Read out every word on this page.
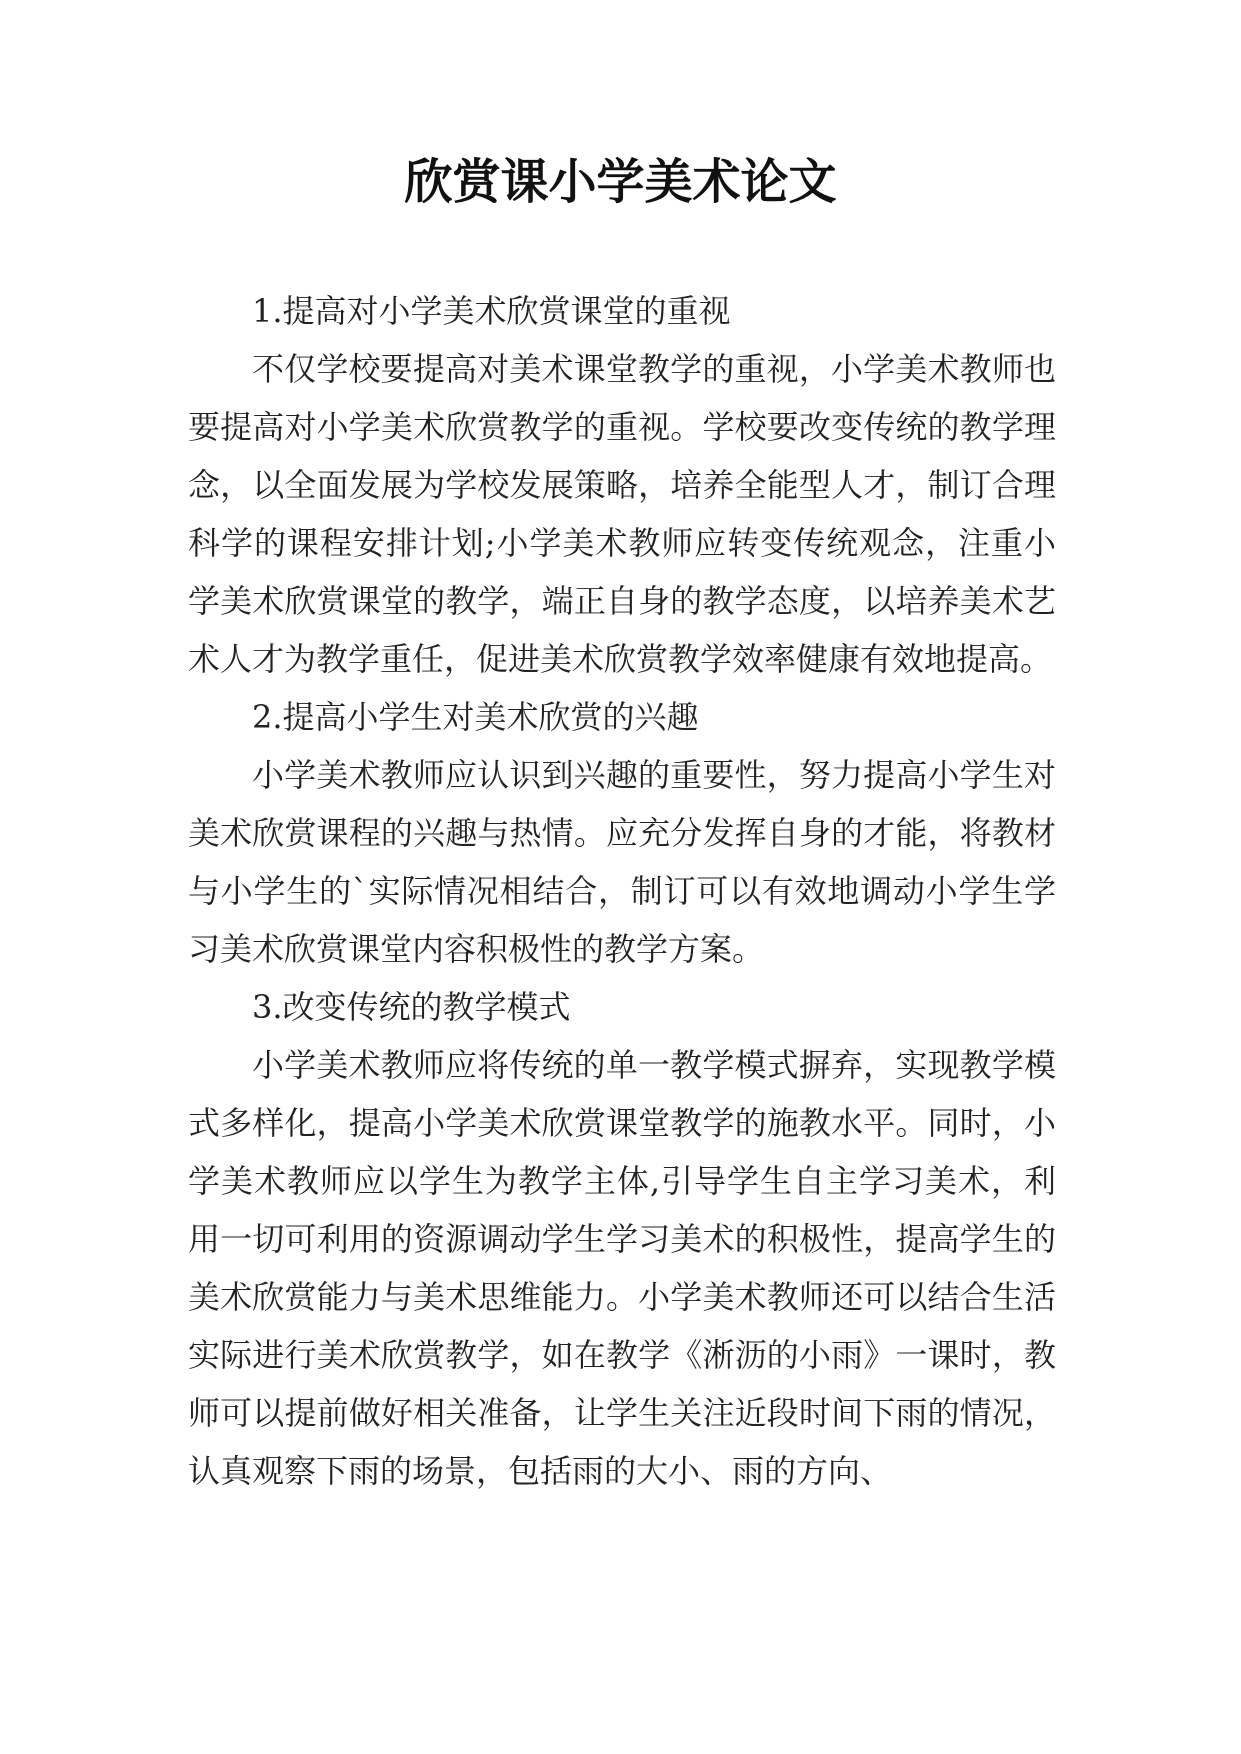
欣赏课小学美术论文

1.提高对小学美术欣赏课堂的重视

不仅学校要提高对美术课堂教学的重视，小学美术教师也要提高对小学美术欣赏教学的重视。学校要改变传统的教学理念，以全面发展为学校发展策略，培养全能型人才，制订合理科学的课程安排计划;小学美术教师应转变传统观念，注重小学美术欣赏课堂的教学，端正自身的教学态度，以培养美术艺术人才为教学重任，促进美术欣赏教学效率健康有效地提高。

2.提高小学生对美术欣赏的兴趣

小学美术教师应认识到兴趣的重要性，努力提高小学生对美术欣赏课程的兴趣与热情。应充分发挥自身的才能，将教材与小学生的`实际情况相结合，制订可以有效地调动小学生学习美术欣赏课堂内容积极性的教学方案。

3.改变传统的教学模式

小学美术教师应将传统的单一教学模式摒弃，实现教学模式多样化，提高小学美术欣赏课堂教学的施教水平。同时，小学美术教师应以学生为教学主体,引导学生自主学习美术，利用一切可利用的资源调动学生学习美术的积极性，提高学生的美术欣赏能力与美术思维能力。小学美术教师还可以结合生活实际进行美术欣赏教学，如在教学《淅沥的小雨》一课时，教师可以提前做好相关准备，让学生关注近段时间下雨的情况，认真观察下雨的场景，包括雨的大小、雨的方向、
